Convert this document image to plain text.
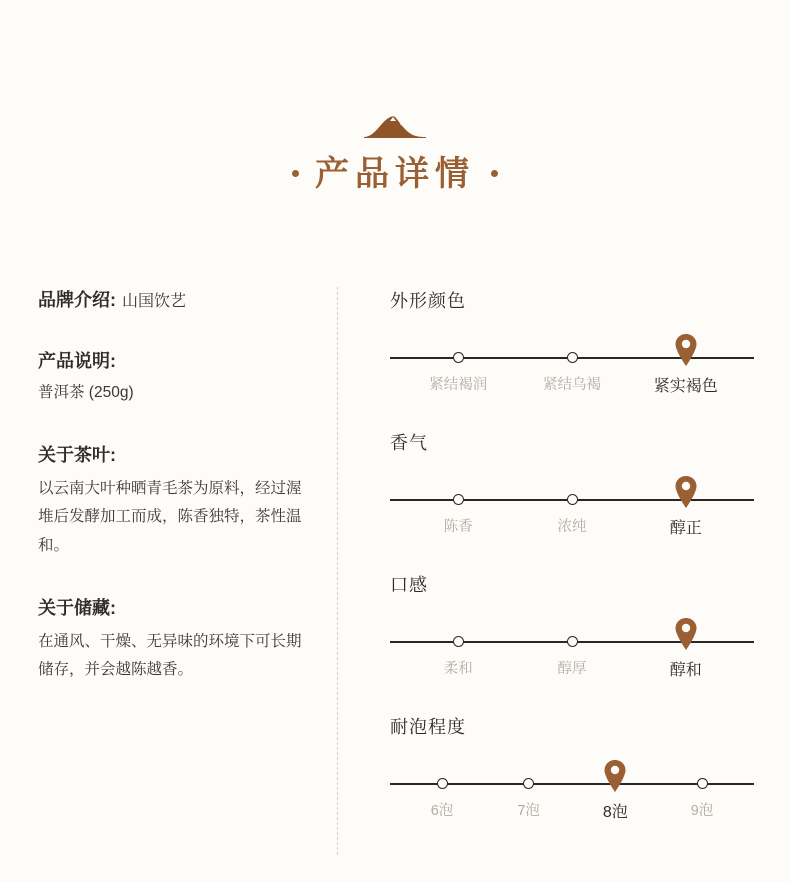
产品详情
品牌介绍: 山国饮艺
产品说明:
普洱茶 (250g)
关于茶叶:
以云南大叶种晒青毛茶为原料，经过渥堆后发酵加工而成，陈香独特，茶性温和。
关于储藏:
在通风、干燥、无异味的环境下可长期储存，并会越陈越香。
外形颜色
紧结褐润	紧结乌褐	紧实褐色
香气
陈香	浓纯	醇正
口感
柔和	醇厚	醇和
耐泡程度
6泡	7泡	8泡	9泡
